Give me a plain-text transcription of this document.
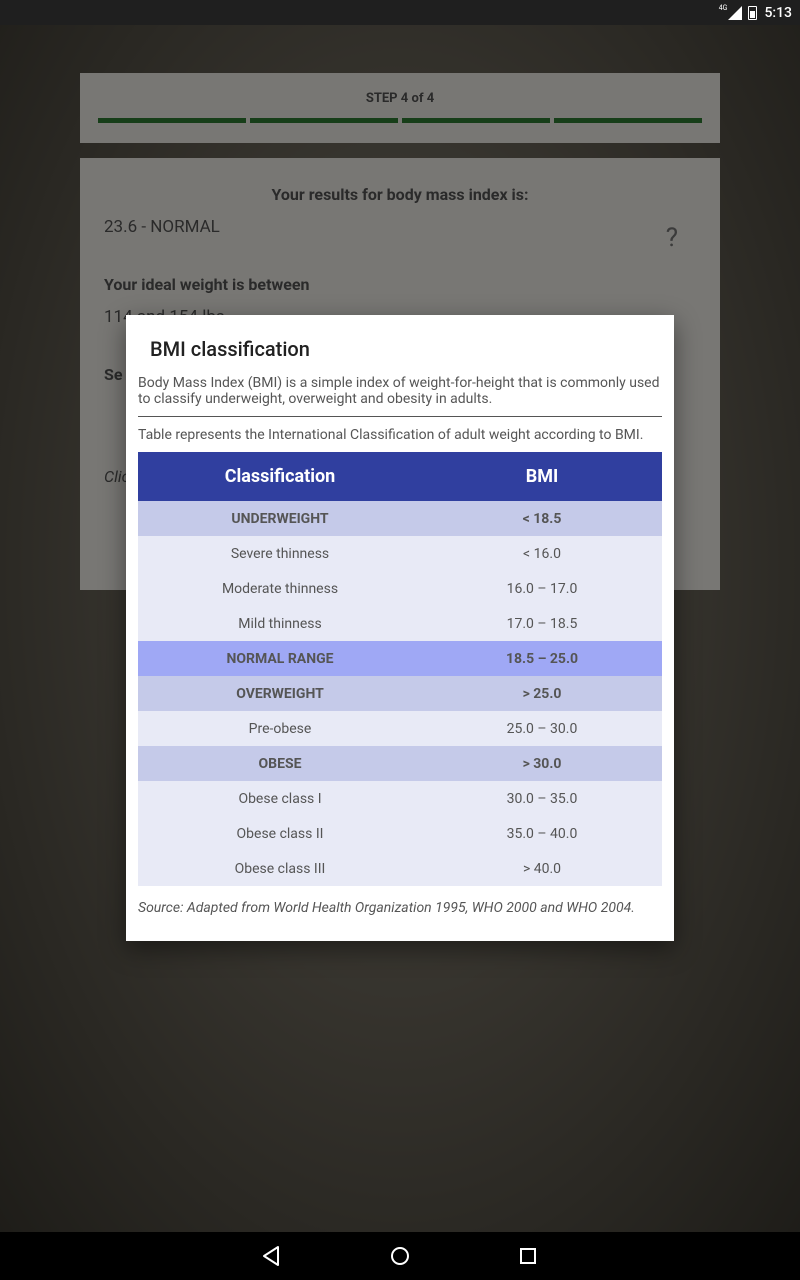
4G	5:13
BMI classification
Body Mass Index (BMI) is a simple index of weight-for-height that is commonly used to classify underweight, overweight and obesity in adults.
Table represents the International Classification of adult weight according to BMI.
Classification	BMI
UNDERWEIGHT	< 18.5
Severe thinness	< 16.0
Moderate thinness	16.0 – 17.0
Mild thinness	17.0 – 18.5
NORMAL RANGE	18.5 – 25.0
OVERWEIGHT	> 25.0
Pre-obese	25.0 – 30.0
OBESE	> 30.0
Obese class I	30.0 – 35.0
Obese class II	35.0 – 40.0
Obese class III	> 40.0
Source: Adapted from World Health Organization 1995, WHO 2000 and WHO 2004.
